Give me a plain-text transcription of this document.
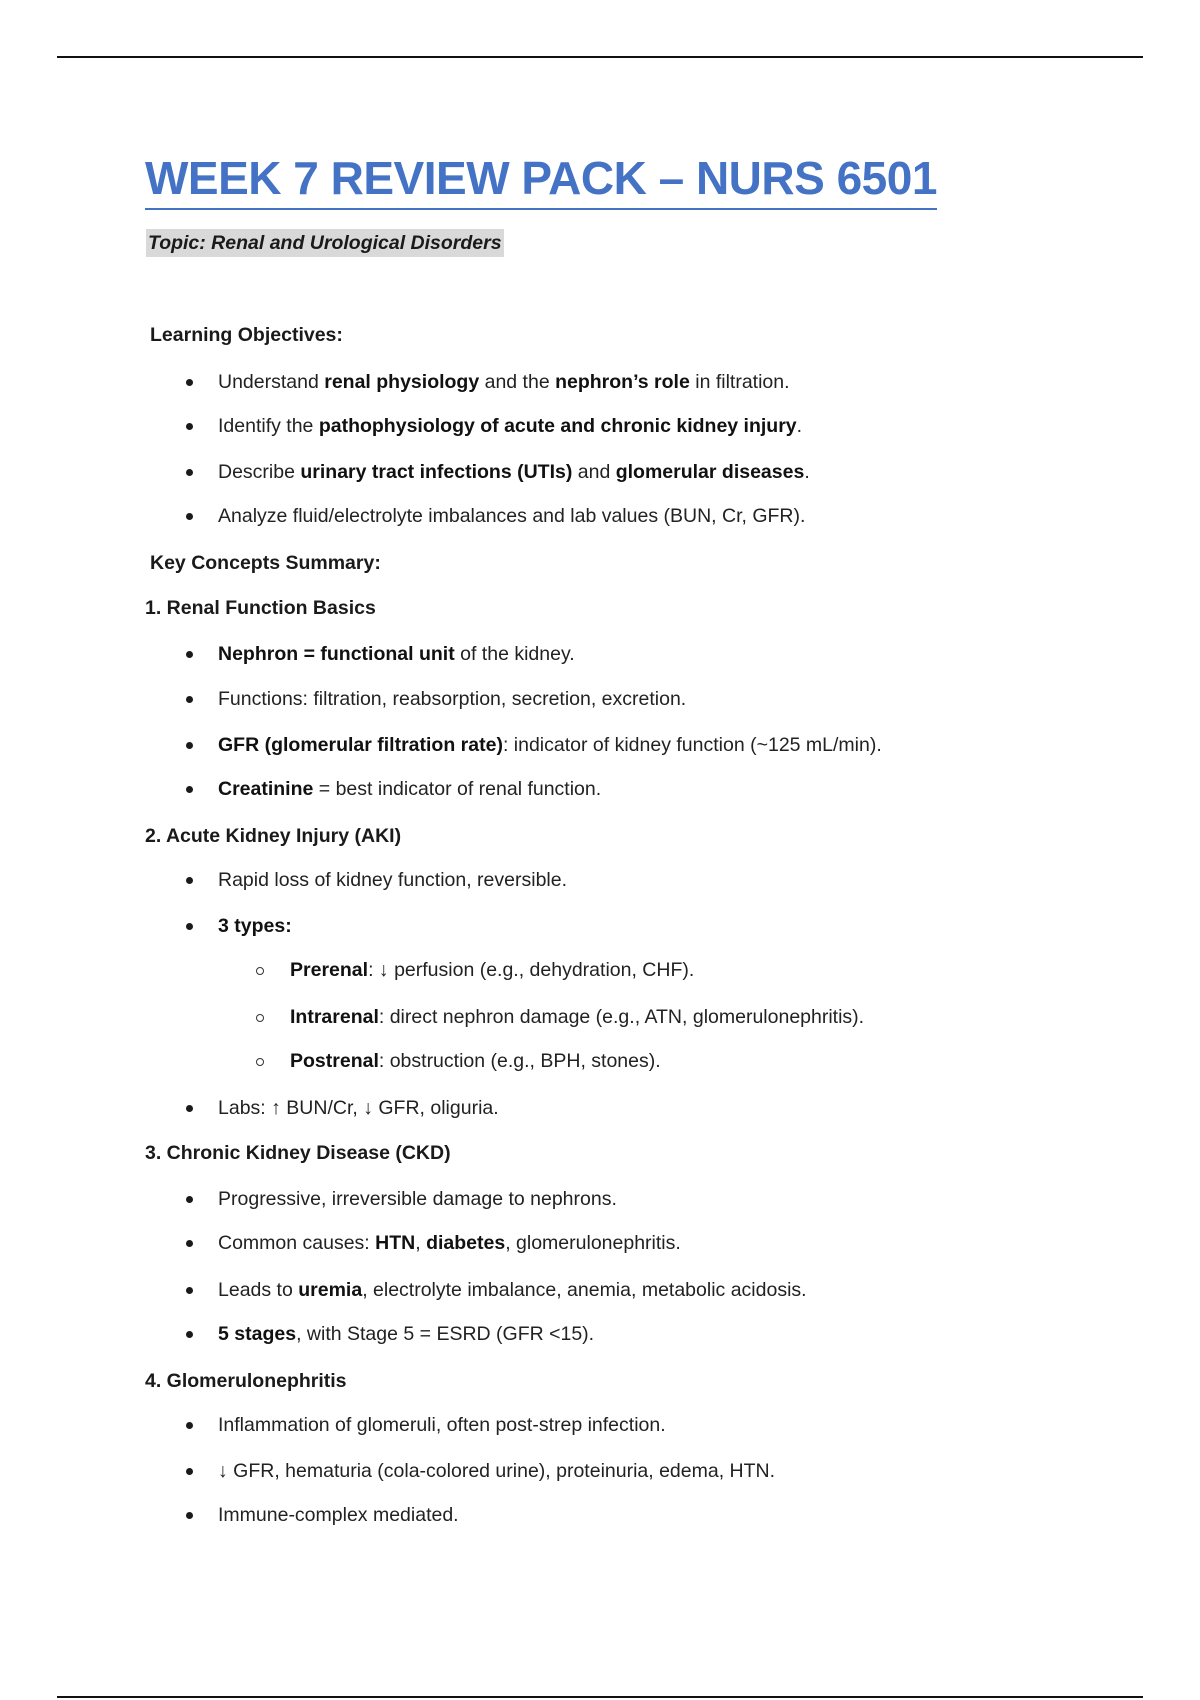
WEEK 7 REVIEW PACK – NURS 6501
Topic: Renal and Urological Disorders
Learning Objectives:
Understand renal physiology and the nephron’s role in filtration.
Identify the pathophysiology of acute and chronic kidney injury.
Describe urinary tract infections (UTIs) and glomerular diseases.
Analyze fluid/electrolyte imbalances and lab values (BUN, Cr, GFR).
Key Concepts Summary:
1. Renal Function Basics
Nephron = functional unit of the kidney.
Functions: filtration, reabsorption, secretion, excretion.
GFR (glomerular filtration rate): indicator of kidney function (~125 mL/min).
Creatinine = best indicator of renal function.
2. Acute Kidney Injury (AKI)
Rapid loss of kidney function, reversible.
3 types:
Prerenal: ↓ perfusion (e.g., dehydration, CHF).
Intrarenal: direct nephron damage (e.g., ATN, glomerulonephritis).
Postrenal: obstruction (e.g., BPH, stones).
Labs: ↑ BUN/Cr, ↓ GFR, oliguria.
3. Chronic Kidney Disease (CKD)
Progressive, irreversible damage to nephrons.
Common causes: HTN, diabetes, glomerulonephritis.
Leads to uremia, electrolyte imbalance, anemia, metabolic acidosis.
5 stages, with Stage 5 = ESRD (GFR <15).
4. Glomerulonephritis
Inflammation of glomeruli, often post-strep infection.
↓ GFR, hematuria (cola-colored urine), proteinuria, edema, HTN.
Immune-complex mediated.
